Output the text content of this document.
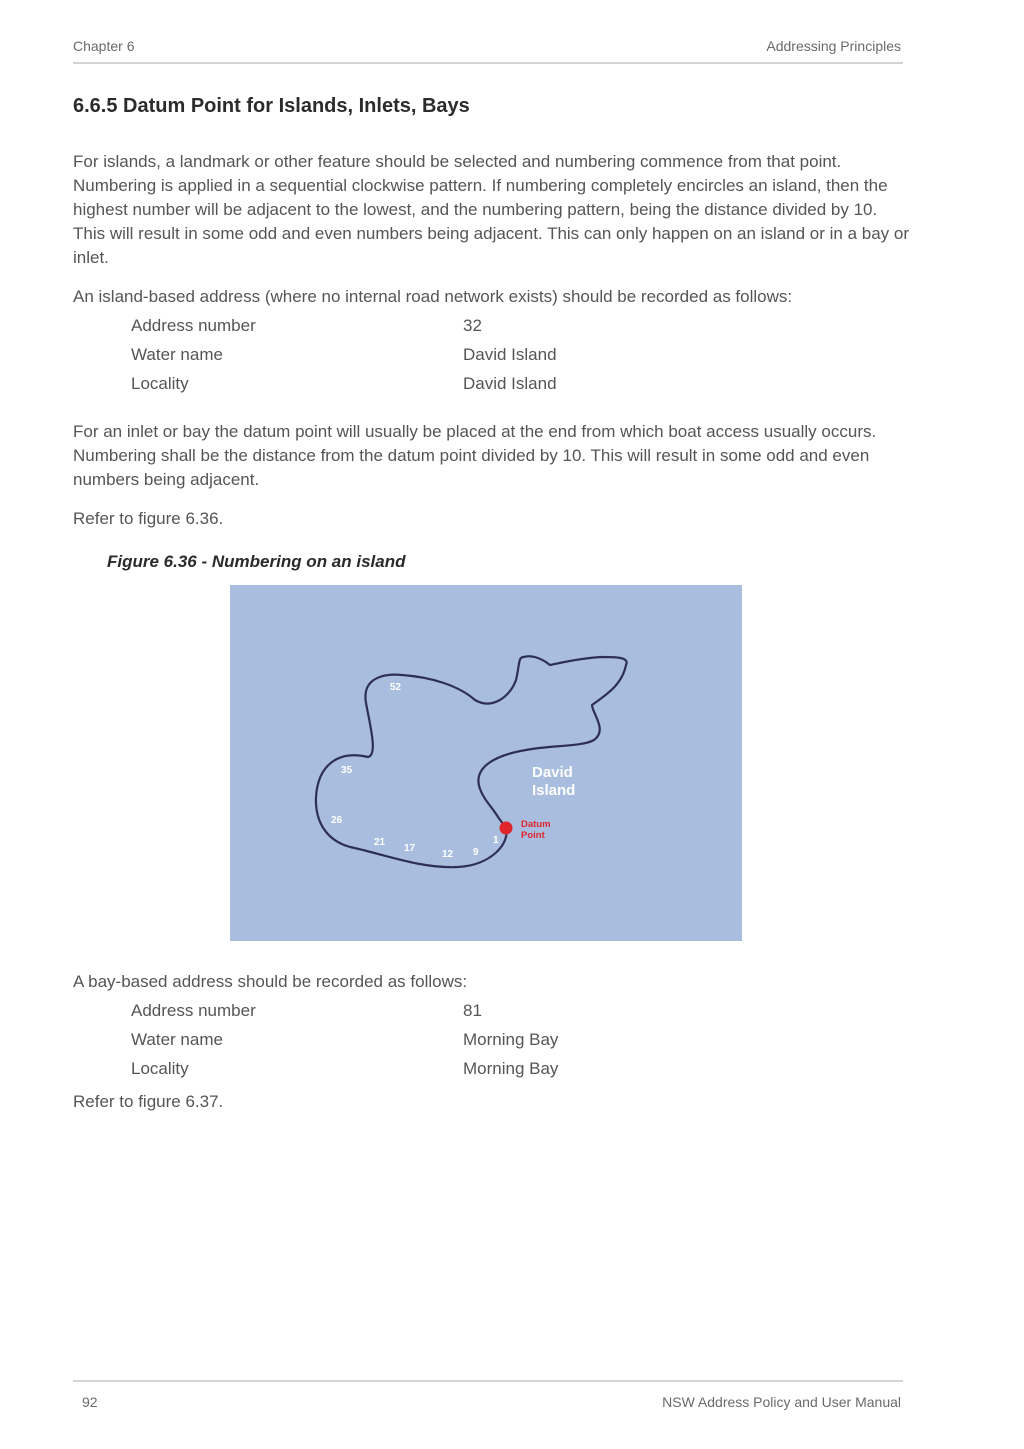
Chapter 6	Addressing Principles
6.6.5 Datum Point for Islands, Inlets, Bays

For islands, a landmark or other feature should be selected and numbering commence from that point. Numbering is applied in a sequential clockwise pattern. If numbering completely encircles an island, then the highest number will be adjacent to the lowest, and the numbering pattern, being the distance divided by 10. This will result in some odd and even numbers being adjacent. This can only happen on an island or in a bay or inlet.

An island-based address (where no internal road network exists) should be recorded as follows:

Address number	32
Water name	David Island
Locality	David Island

For an inlet or bay the datum point will usually be placed at the end from which boat access usually occurs. Numbering shall be the distance from the datum point divided by 10. This will result in some odd and even numbers being adjacent.

Refer to figure 6.36.

Figure 6.36 - Numbering on an island
David
Island
Datum
Point
52
35
26
21
17
12 9
1

A bay-based address should be recorded as follows:

Address number	81
Water name	Morning Bay
Locality	Morning Bay

Refer to figure 6.37.

92	NSW Address Policy and User Manual
